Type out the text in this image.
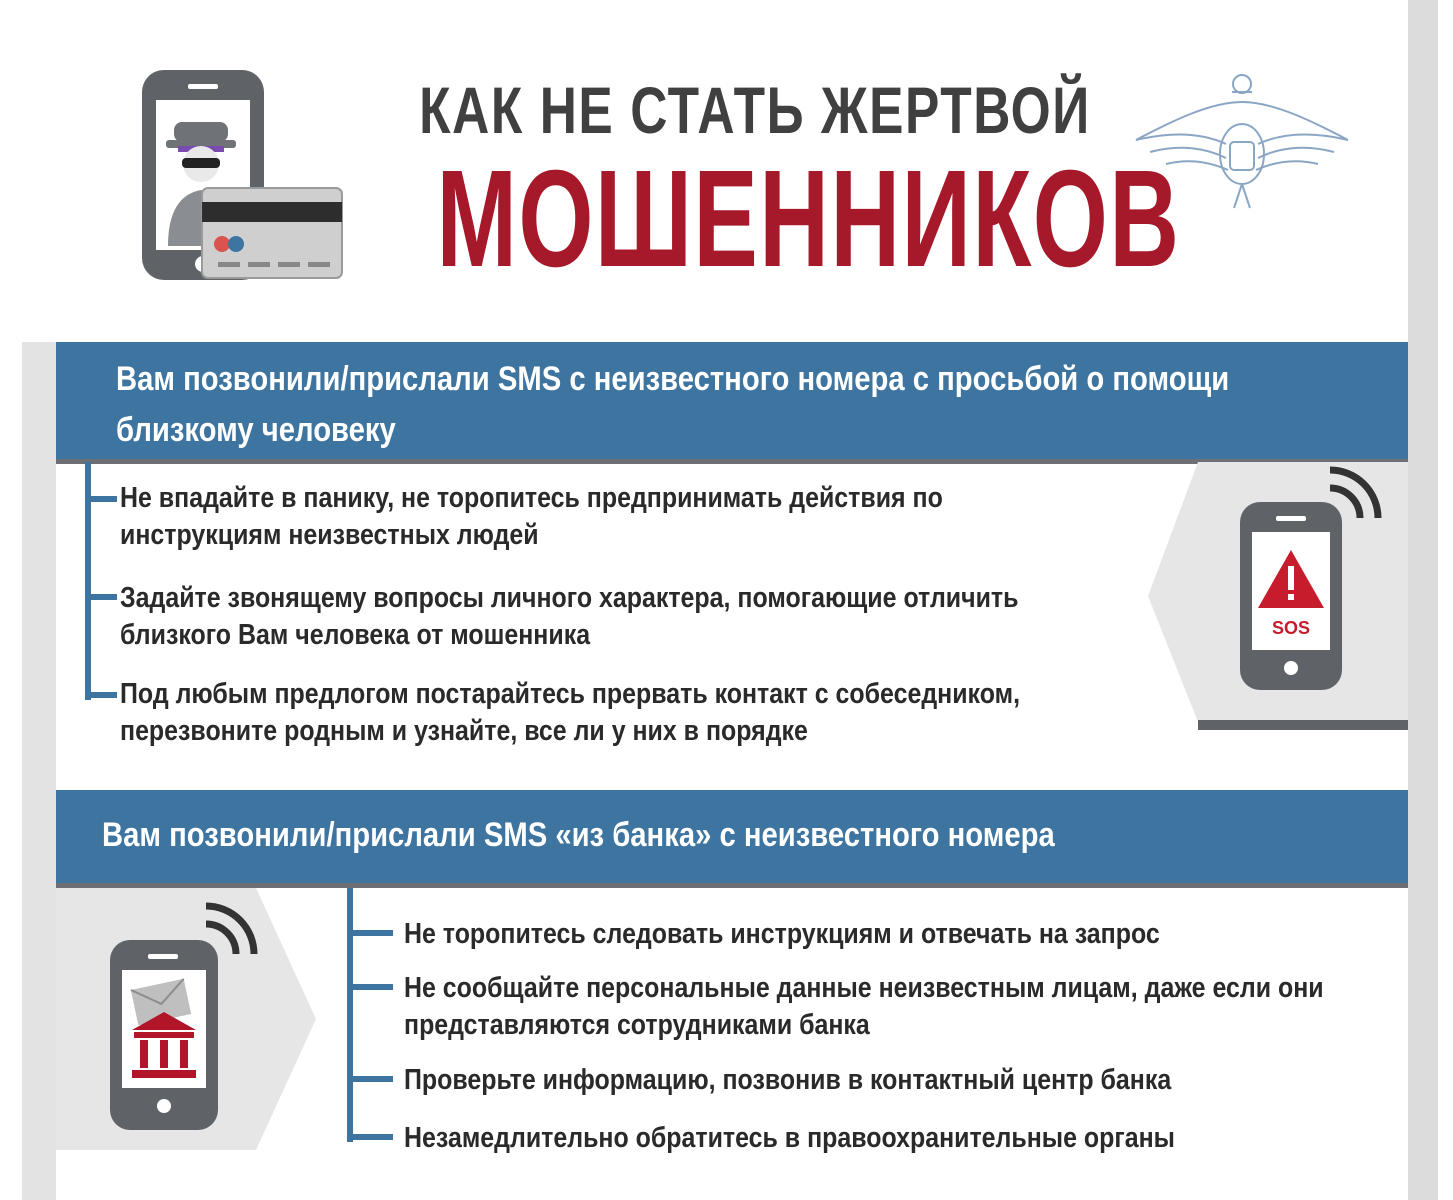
КАК НЕ СТАТЬ ЖЕРТВОЙ
МОШЕННИКОВ
Вам позвонили/прислали SMS с неизвестного номера с просьбой о помощи
близкому человеку
Не впадайте в панику, не торопитесь предпринимать действия по
инструкциям неизвестных людей
Задайте звонящему вопросы личного характера, помогающие отличить
близкого Вам человека от мошенника
Под любым предлогом постарайтесь прервать контакт с собеседником,
перезвоните родным и узнайте, все ли у них в порядке
SOS
Вам позвонили/прислали SMS «из банка» с неизвестного номера
Не торопитесь следовать инструкциям и отвечать на запрос
Не сообщайте персональные данные неизвестным лицам, даже если они
представляются сотрудниками банка
Проверьте информацию, позвонив в контактный центр банка
Незамедлительно обратитесь в правоохранительные органы
